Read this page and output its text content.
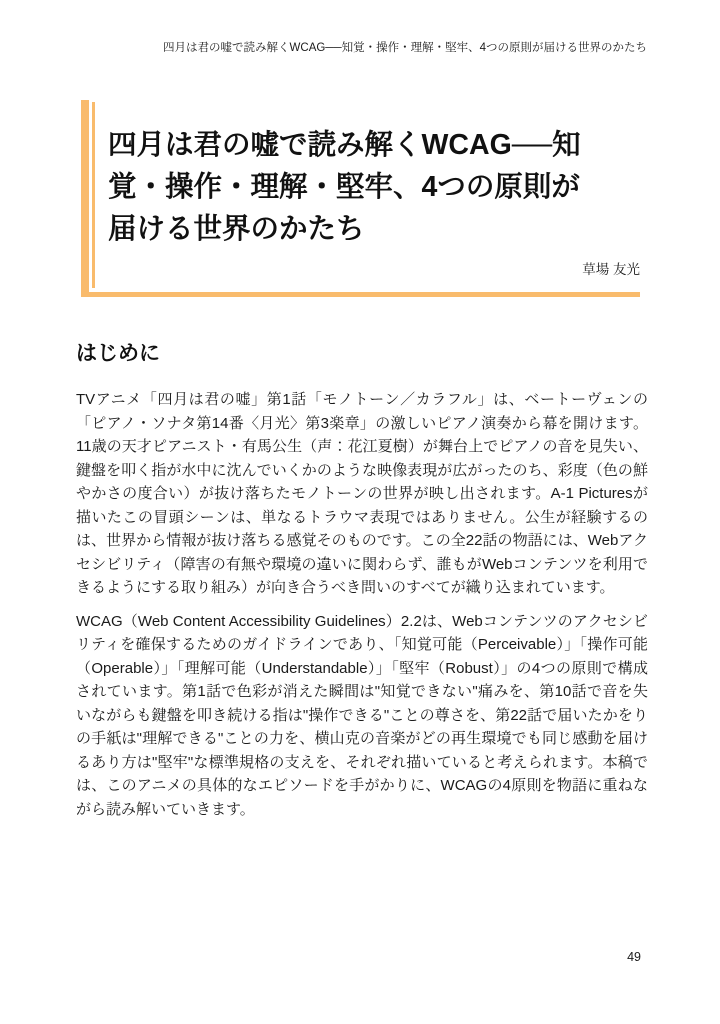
四月は君の嘘で読み解くWCAG──知覚・操作・理解・堅牢、4つの原則が届ける世界のかたち
四月は君の嘘で読み解くWCAG──知覚・操作・理解・堅牢、4つの原則が届ける世界のかたち
草場 友光
はじめに

TVアニメ「四月は君の嘘」第1話「モノトーン／カラフル」は、ベートーヴェンの「ピアノ・ソナタ第14番〈月光〉第3楽章」の激しいピアノ演奏から幕を開けます。11歳の天才ピアニスト・有馬公生（声：花江夏樹）が舞台上でピアノの音を見失い、鍵盤を叩く指が水中に沈んでいくかのような映像表現が広がったのち、彩度（色の鮮やかさの度合い）が抜け落ちたモノトーンの世界が映し出されます。A-1 Picturesが描いたこの冒頭シーンは、単なるトラウマ表現ではありません。公生が経験するのは、世界から情報が抜け落ちる感覚そのものです。この全22話の物語には、Webアクセシビリティ（障害の有無や環境の違いに関わらず、誰もがWebコンテンツを利用できるようにする取り組み）が向き合うべき問いのすべてが織り込まれています。

WCAG（Web Content Accessibility Guidelines）2.2は、Webコンテンツのアクセシビリティを確保するためのガイドラインであり、「知覚可能（Perceivable）」「操作可能（Operable）」「理解可能（Understandable）」「堅牢（Robust）」の4つの原則で構成されています。第1話で色彩が消えた瞬間は"知覚できない"痛みを、第10話で音を失いながらも鍵盤を叩き続ける指は"操作できる"ことの尊さを、第22話で届いたかをりの手紙は"理解できる"ことの力を、横山克の音楽がどの再生環境でも同じ感動を届けるあり方は"堅牢"な標準規格の支えを、それぞれ描いていると考えられます。本稿では、このアニメの具体的なエピソードを手がかりに、WCAGの4原則を物語に重ねながら読み解いていきます。

49
